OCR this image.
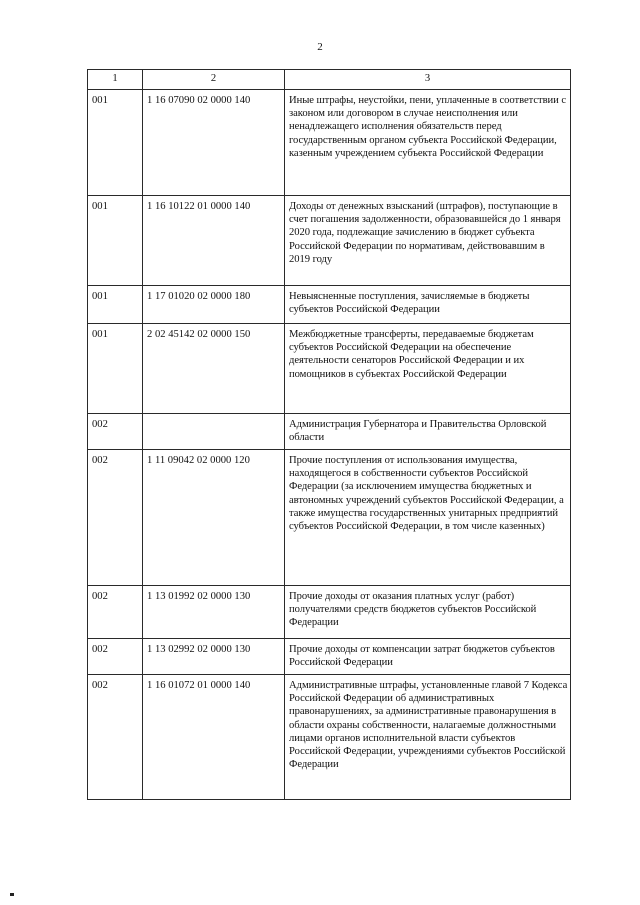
2
1	2	3
001	1 16 07090 02 0000 140	Иные штрафы, неустойки, пени, уплаченные в соответствии с законом или договором в случае неисполнения или ненадлежащего исполнения обязательств перед государственным органом субъекта Российской Федерации, казенным учреждением субъекта Российской Федерации
001	1 16 10122 01 0000 140	Доходы от денежных взысканий (штрафов), поступающие в счет погашения задолженности, образовавшейся до 1 января 2020 года, подлежащие зачислению в бюджет субъекта Российской Федерации по нормативам, действовавшим в 2019 году
001	1 17 01020 02 0000 180	Невыясненные поступления, зачисляемые в бюджеты субъектов Российской Федерации
001	2 02 45142 02 0000 150	Межбюджетные трансферты, передаваемые бюджетам субъектов Российской Федерации на обеспечение деятельности сенаторов Российской Федерации и их помощников в субъектах Российской Федерации
002		Администрация Губернатора и Правительства Орловской области
002	1 11 09042 02 0000 120	Прочие поступления от использования имущества, находящегося в собственности субъектов Российской Федерации (за исключением имущества бюджетных и автономных учреждений субъектов Российской Федерации, а также имущества государственных унитарных предприятий субъектов Российской Федерации, в том числе казенных)
002	1 13 01992 02 0000 130	Прочие доходы от оказания платных услуг (работ) получателями средств бюджетов субъектов Российской Федерации
002	1 13 02992 02 0000 130	Прочие доходы от компенсации затрат бюджетов субъектов Российской Федерации
002	1 16 01072 01 0000 140	Административные штрафы, установленные главой 7 Кодекса Российской Федерации об административных правонарушениях, за административные правонарушения в области охраны собственности, налагаемые должностными лицами органов исполнительной власти субъектов Российской Федерации, учреждениями субъектов Российской Федерации
